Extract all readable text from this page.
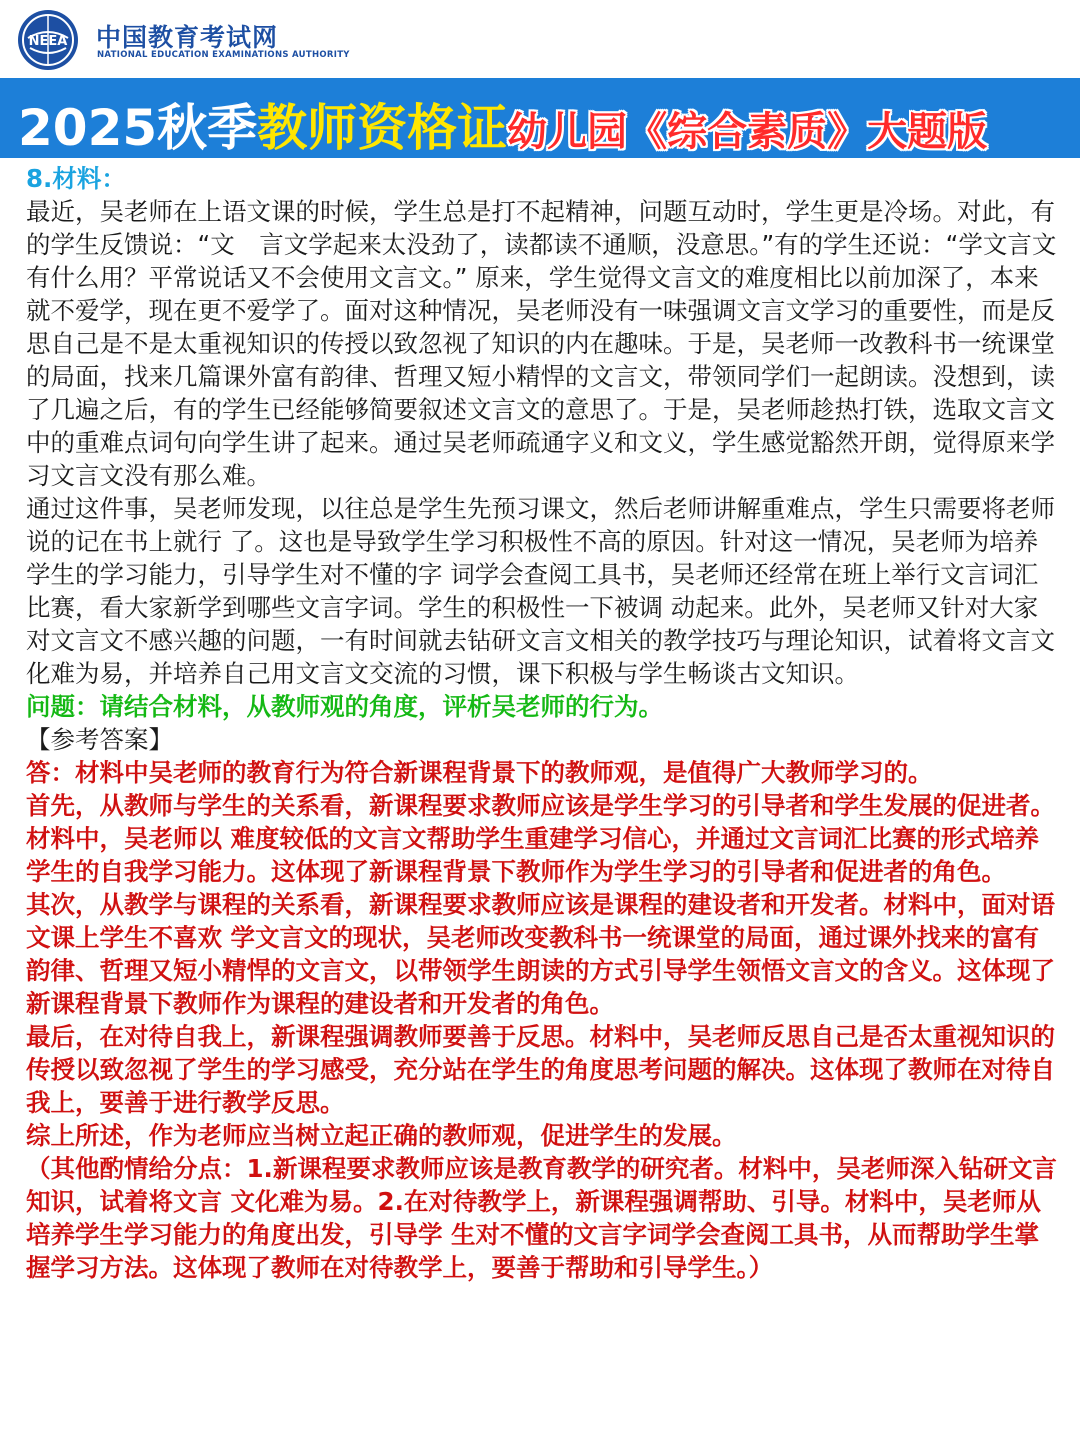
NEEA 中国教育考试网
NATIONAL EDUCATION EXAMINATIONS AUTHORITY
2025秋季教师资格证幼儿园《综合素质》大题版

8.材料：

最近，吴老师在上语文课的时候，学生总是打不起精神，问题互动时，学生更是冷场。对此，有的学生反馈说：“文　言文学起来太没劲了，读都读不通顺，没意思。”有的学生还说：“学文言文有什么用？平常说话又不会使用文言文。” 原来，学生觉得文言文的难度相比以前加深了，本来就不爱学，现在更不爱学了。面对这种情况，吴老师没有一味强调文言文学习的重要性，而是反思自己是不是太重视知识的传授以致忽视了知识的内在趣味。于是，吴老师一改教科书一统课堂的局面，找来几篇课外富有韵律、哲理又短小精悍的文言文，带领同学们一起朗读。没想到，读了几遍之后，有的学生已经能够简要叙述文言文的意思了。于是，吴老师趁热打铁，选取文言文中的重难点词句向学生讲了起来。通过吴老师疏通字义和文义，学生感觉豁然开朗，觉得原来学习文言文没有那么难。

通过这件事，吴老师发现，以往总是学生先预习课文，然后老师讲解重难点，学生只需要将老师说的记在书上就行 了。这也是导致学生学习积极性不高的原因。针对这一情况，吴老师为培养学生的学习能力，引导学生对不懂的字 词学会查阅工具书，吴老师还经常在班上举行文言词汇比赛，看大家新学到哪些文言字词。学生的积极性一下被调 动起来。此外，吴老师又针对大家对文言文不感兴趣的问题，一有时间就去钻研文言文相关的教学技巧与理论知识，试着将文言文化难为易，并培养自己用文言文交流的习惯，课下积极与学生畅谈古文知识。

问题：请结合材料，从教师观的角度，评析吴老师的行为。

【参考答案】

答：材料中吴老师的教育行为符合新课程背景下的教师观，是值得广大教师学习的。

首先，从教师与学生的关系看，新课程要求教师应该是学生学习的引导者和学生发展的促进者。材料中，吴老师以 难度较低的文言文帮助学生重建学习信心，并通过文言词汇比赛的形式培养学生的自我学习能力。这体现了新课程背景下教师作为学生学习的引导者和促进者的角色。

其次，从教学与课程的关系看，新课程要求教师应该是课程的建设者和开发者。材料中，面对语文课上学生不喜欢 学文言文的现状，吴老师改变教科书一统课堂的局面，通过课外找来的富有韵律、哲理又短小精悍的文言文，以带领学生朗读的方式引导学生领悟文言文的含义。这体现了新课程背景下教师作为课程的建设者和开发者的角色。

最后，在对待自我上，新课程强调教师要善于反思。材料中，吴老师反思自己是否太重视知识的传授以致忽视了学生的学习感受，充分站在学生的角度思考问题的解决。这体现了教师在对待自我上，要善于进行教学反思。

综上所述，作为老师应当树立起正确的教师观，促进学生的发展。

（其他酌情给分点：1.新课程要求教师应该是教育教学的研究者。材料中，吴老师深入钻研文言知识，试着将文言 文化难为易。2.在对待教学上，新课程强调帮助、引导。材料中，吴老师从培养学生学习能力的角度出发，引导学 生对不懂的文言字词学会查阅工具书，从而帮助学生掌握学习方法。这体现了教师在对待教学上，要善于帮助和引导学生。）
